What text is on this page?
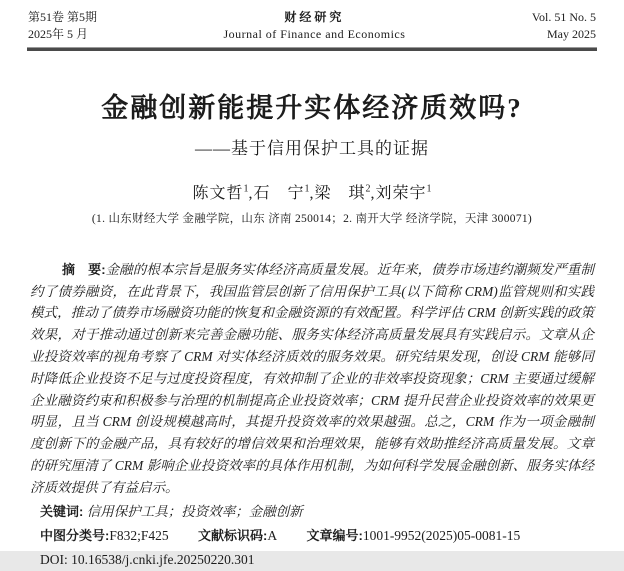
第51卷 第5期
2025年 5 月
财经研究
Journal of Finance and Economics
Vol. 51 No. 5
May 2025
金融创新能提升实体经济质效吗?
——基于信用保护工具的证据
陈文哲$^1$,石　宁$^1$,梁　琪$^2$,刘荣宇$^1$
(1. 山东财经大学 金融学院，山东 济南 250014；2. 南开大学 经济学院，天津 300071)

摘　要:金融的根本宗旨是服务实体经济高质量发展。近年来，债券市场违约潮频发严重制约了债券融资，在此背景下，我国监管层创新了信用保护工具(以下简称 CRM)监管规则和实践模式，推动了债券市场融资功能的恢复和金融资源的有效配置。科学评估 CRM 创新实践的政策效果，对于推动通过创新来完善金融功能、服务实体经济高质量发展具有实践启示。文章从企业投资效率的视角考察了 CRM 对实体经济质效的服务效果。研究结果发现，创设 CRM 能够同时降低企业投资不足与过度投资程度，有效抑制了企业的非效率投资现象；CRM 主要通过缓解企业融资约束和积极参与治理的机制提高企业投资效率；CRM 提升民营企业投资效率的效果更明显，且当 CRM 创设规模越高时，其提升投资效率的效果越强。总之，CRM 作为一项金融制度创新下的金融产品，具有较好的增信效果和治理效果，能够有效助推经济高质量发展。文章的研究厘清了 CRM 影响企业投资效率的具体作用机制，为如何科学发展金融创新、服务实体经济质效提供了有益启示。

关键词: 信用保护工具；投资效率；金融创新
中图分类号:F832;F425 文献标识码:A 文章编号:1001-9952(2025)05-0081-15
DOI: 10.16538/j.cnki.jfe.20250220.301
